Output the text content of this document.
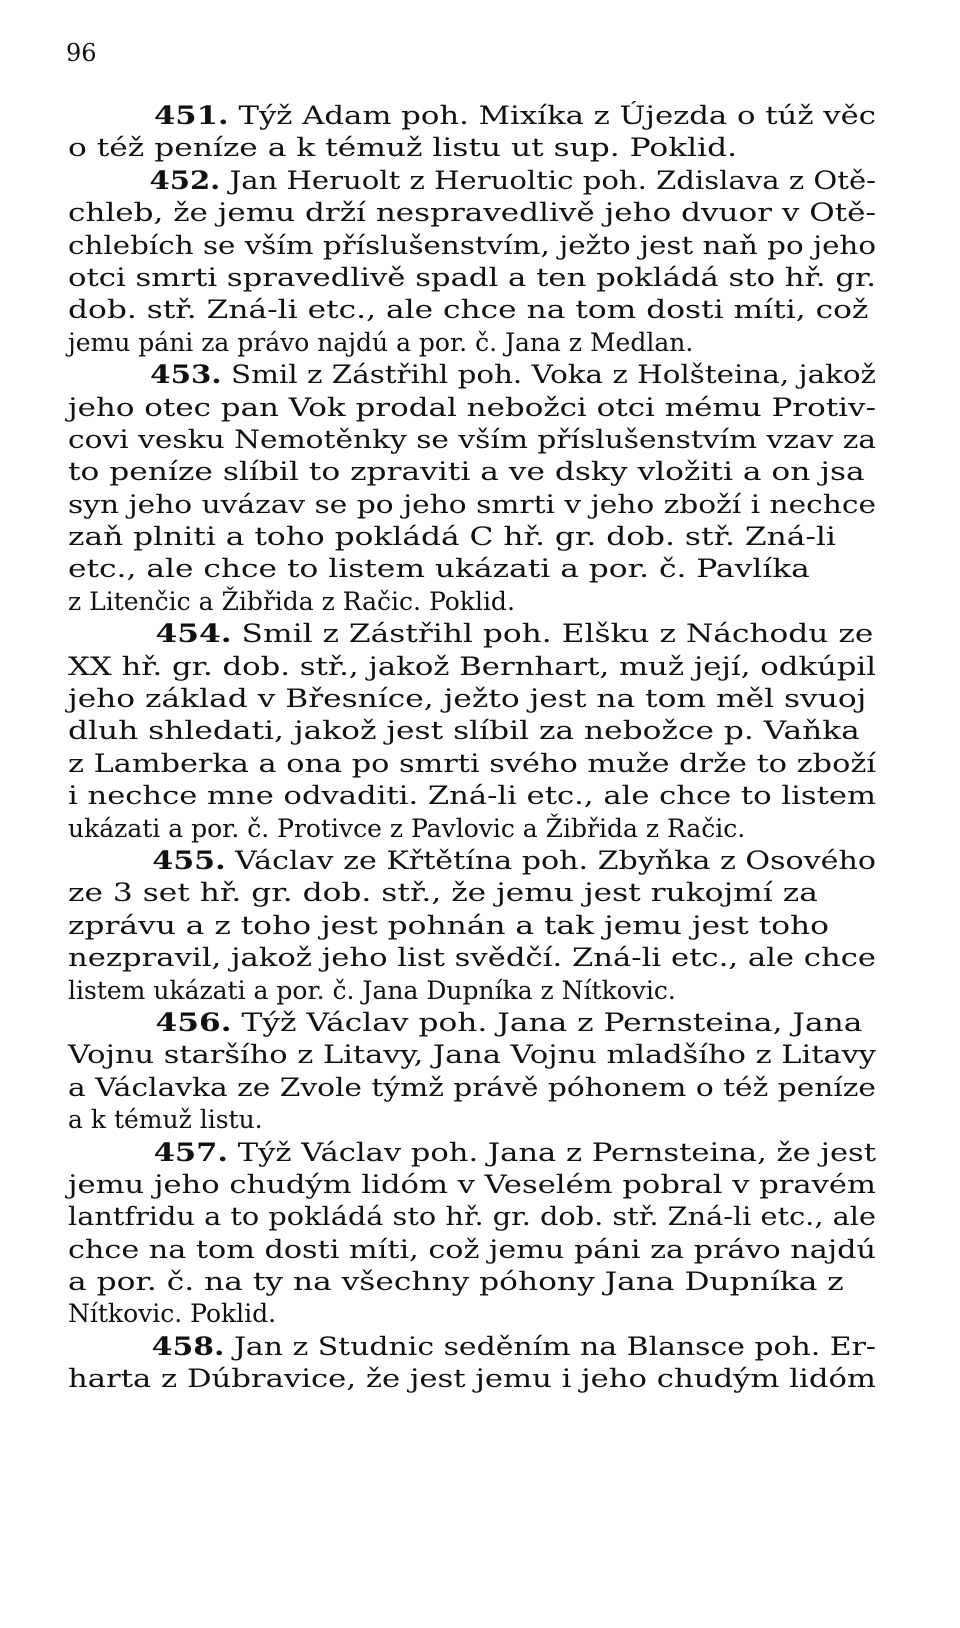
96
451. Týž Adam poh. Mixíka z Újezda o túž věc
o též peníze a k témuž listu ut sup. Poklid.
452. Jan Heruolt z Heruoltic poh. Zdislava z Otě-
chleb, že jemu drží nespravedlivě jeho dvuor v Otě-
chlebích se vším příslušenstvím, ježto jest naň po jeho
otci smrti spravedlivě spadl a ten pokládá sto hř. gr.
dob. stř. Zná-li etc., ale chce na tom dosti míti, což
jemu páni za právo najdú a por. č. Jana z Medlan.
453. Smil z Zástřihl poh. Voka z Holšteina, jakož
jeho otec pan Vok prodal nebožci otci mému Protiv-
covi vesku Nemotěnky se vším příslušenstvím vzav za
to peníze slíbil to zpraviti a ve dsky vložiti a on jsa
syn jeho uvázav se po jeho smrti v jeho zboží i nechce
zaň plniti a toho pokládá C hř. gr. dob. stř. Zná-li
etc., ale chce to listem ukázati a por. č. Pavlíka
z Litenčic a Žibřida z Račic. Poklid.
454. Smil z Zástřihl poh. Elšku z Náchodu ze
XX hř. gr. dob. stř., jakož Bernhart, muž její, odkúpil
jeho základ v Břesníce, ježto jest na tom měl svuoj
dluh shledati, jakož jest slíbil za nebožce p. Vaňka
z Lamberka a ona po smrti svého muže drže to zboží
i nechce mne odvaditi. Zná-li etc., ale chce to listem
ukázati a por. č. Protivce z Pavlovic a Žibřida z Račic.
455. Václav ze Křtětína poh. Zbyňka z Osového
ze 3 set hř. gr. dob. stř., že jemu jest rukojmí za
zprávu a z toho jest pohnán a tak jemu jest toho
nezpravil, jakož jeho list svědčí. Zná-li etc., ale chce
listem ukázati a por. č. Jana Dupníka z Nítkovic.
456. Týž Václav poh. Jana z Pernsteina, Jana
Vojnu staršího z Litavy, Jana Vojnu mladšího z Litavy
a Václavka ze Zvole týmž právě póhonem o též peníze
a k témuž listu.
457. Týž Václav poh. Jana z Pernsteina, že jest
jemu jeho chudým lidóm v Veselém pobral v pravém
lantfridu a to pokládá sto hř. gr. dob. stř. Zná-li etc., ale
chce na tom dosti míti, což jemu páni za právo najdú
a por. č. na ty na všechny póhony Jana Dupníka z
Nítkovic. Poklid.
458. Jan z Studnic seděním na Blansce poh. Er-
harta z Dúbravice, že jest jemu i jeho chudým lidóm
